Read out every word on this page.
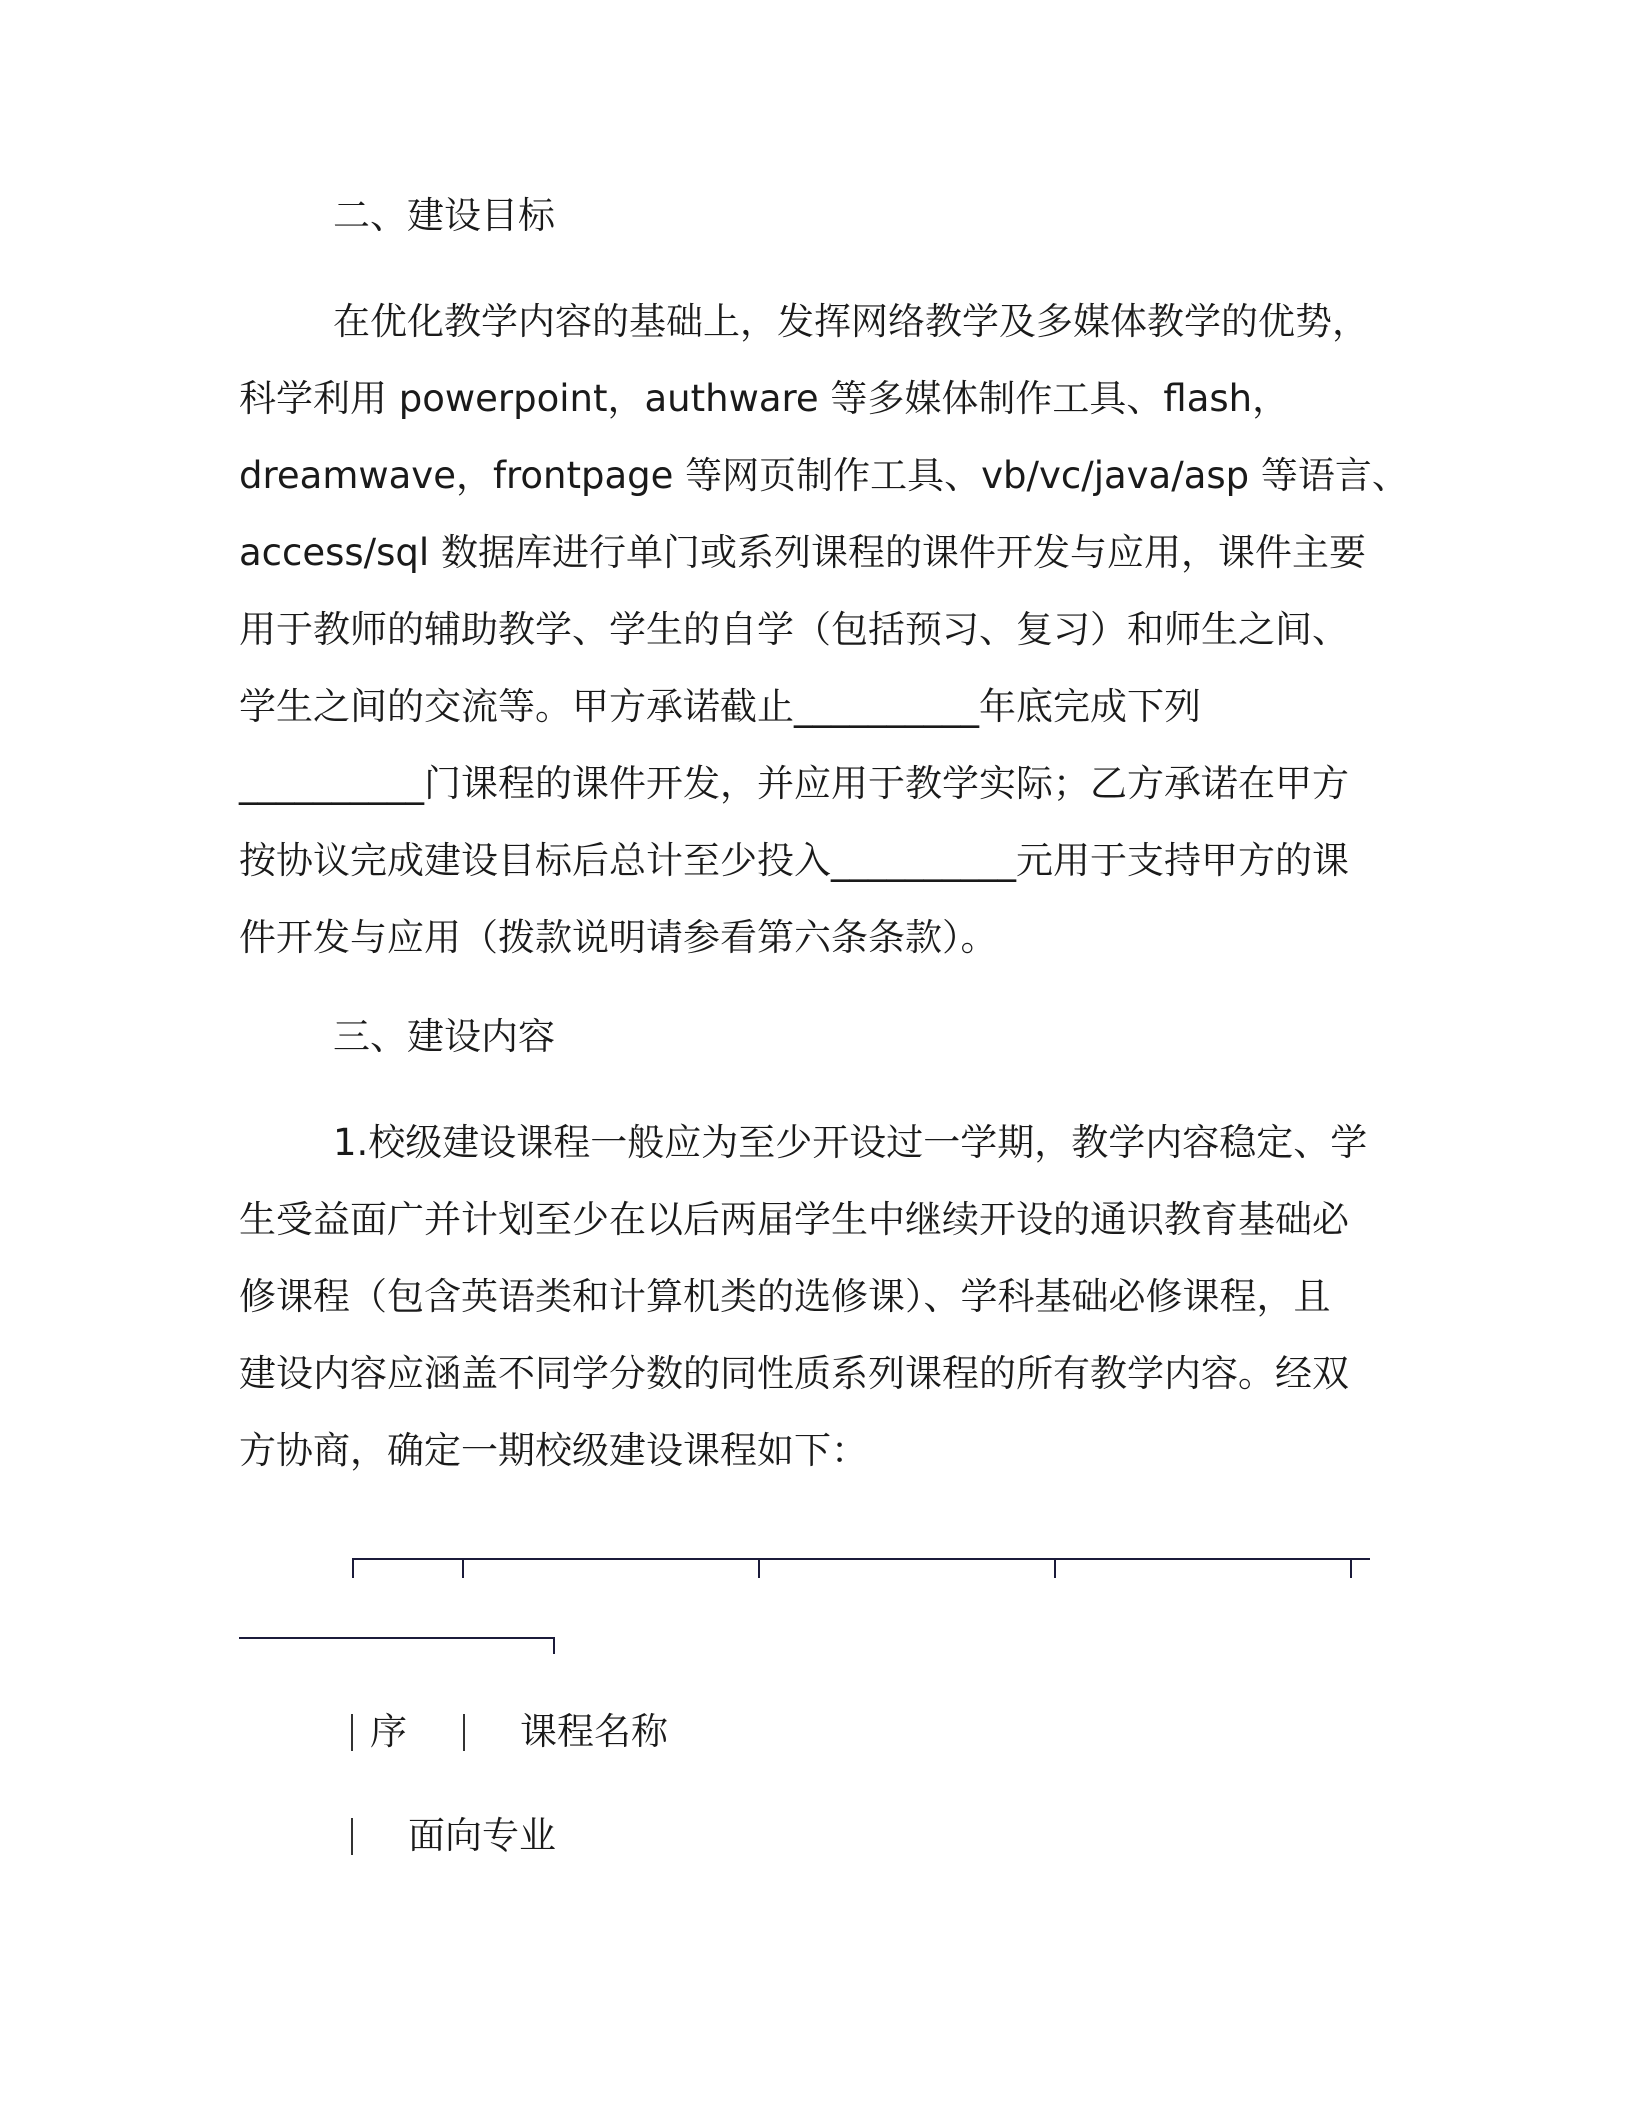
二、建设目标
在优化教学内容的基础上，发挥网络教学及多媒体教学的优势，
科学利用 powerpoint，authware 等多媒体制作工具、flash，
dreamwave，frontpage 等网页制作工具、vb/vc/java/asp 等语言、
access/sql 数据库进行单门或系列课程的课件开发与应用，课件主要
用于教师的辅助教学、学生的自学（包括预习、复习）和师生之间、
学生之间的交流等。甲方承诺截止__________年底完成下列
__________门课程的课件开发，并应用于教学实际；乙方承诺在甲方
按协议完成建设目标后总计至少投入__________元用于支持甲方的课
件开发与应用（拨款说明请参看第六条条款）。
三、建设内容
1.校级建设课程一般应为至少开设过一学期，教学内容稳定、学
生受益面广并计划至少在以后两届学生中继续开设的通识教育基础必
修课程（包含英语类和计算机类的选修课）、学科基础必修课程，且
建设内容应涵盖不同学分数的同性质系列课程的所有教学内容。经双
方协商，确定一期校级建设课程如下：
序	课程名称
面向专业
